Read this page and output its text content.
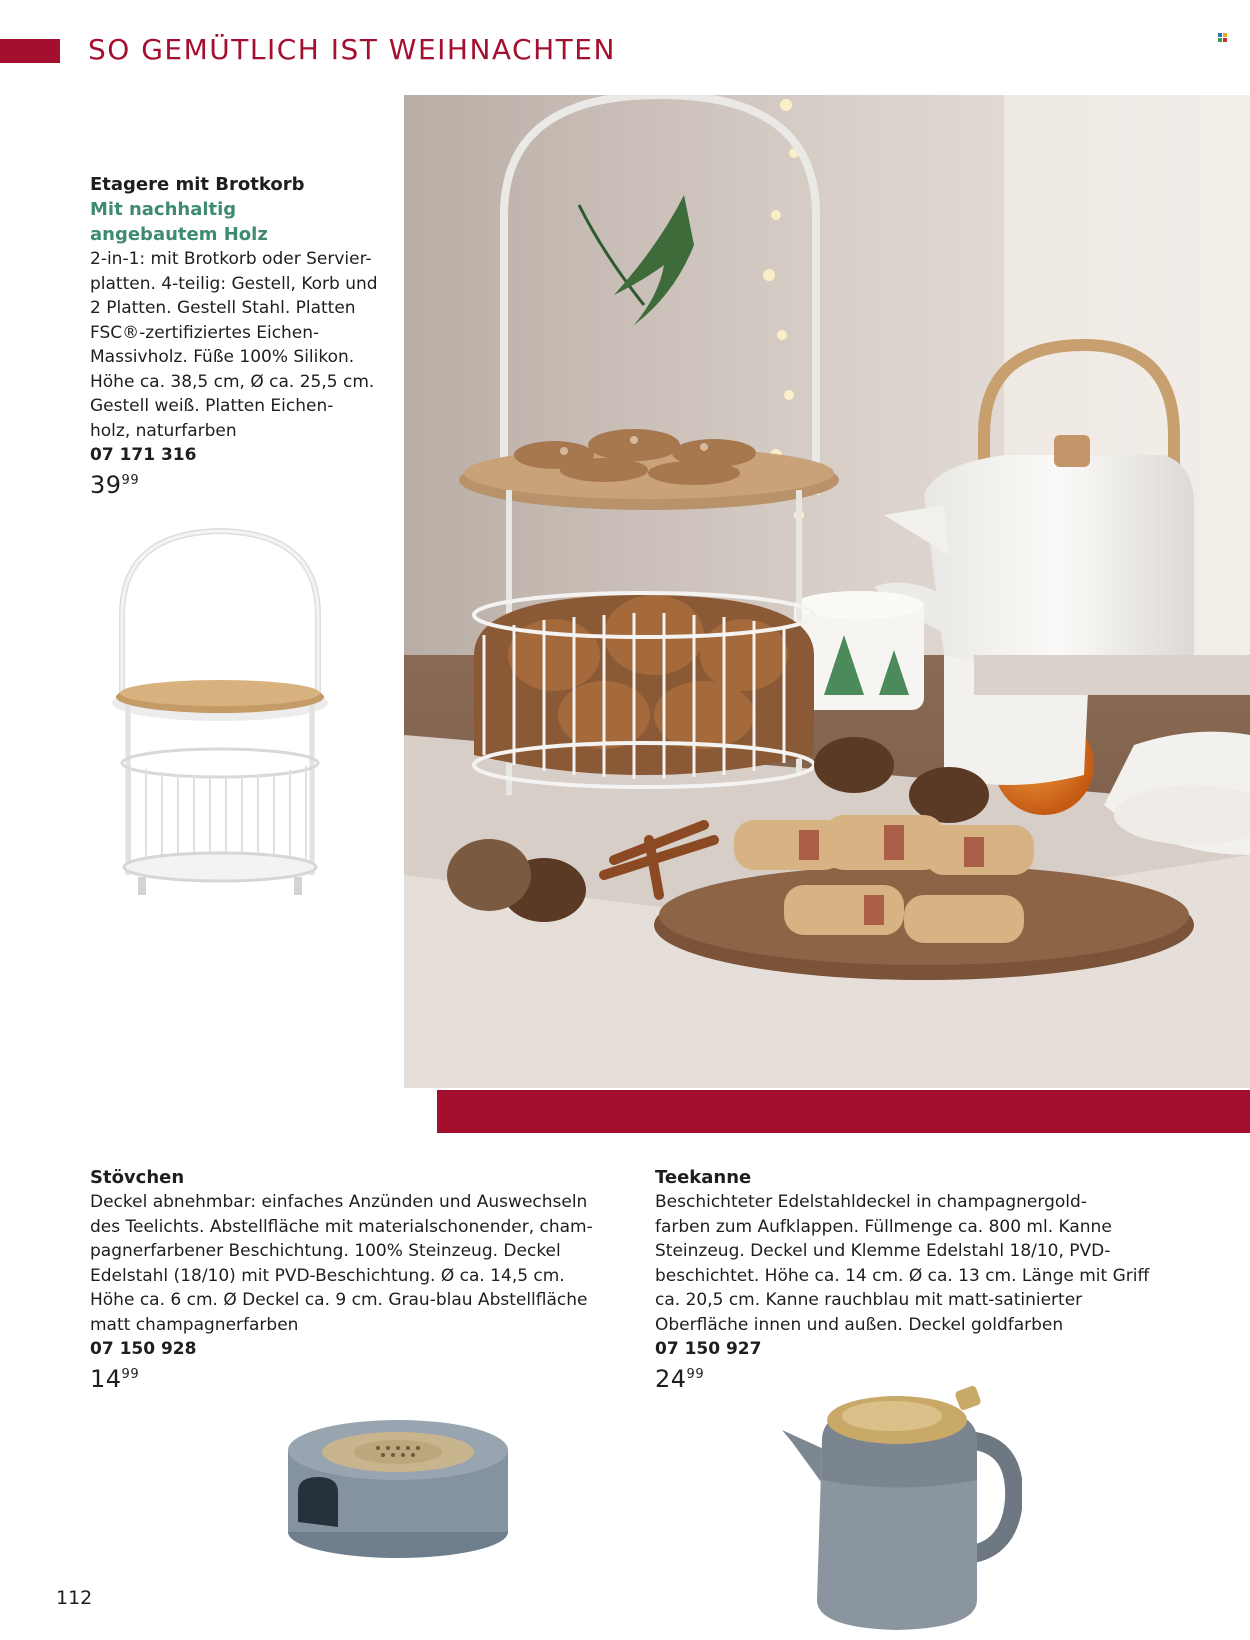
SO GEMÜTLICH IST WEIHNACHTEN
Etagere mit Brotkorb
Mit nachhaltig
angebautem Holz
2-in-1: mit Brotkorb oder Servier-
platten. 4-teilig: Gestell, Korb und
2 Platten. Gestell Stahl. Platten
FSC®-zertifiziertes Eichen-
Massivholz. Füße 100% Silikon.
Höhe ca. 38,5 cm, Ø ca. 25,5 cm.
Gestell weiß. Platten Eichen-
holz, naturfarben
07 171 316
$39^{99}$
Stövchen
Deckel abnehmbar: einfaches Anzünden und Auswechseln
des Teelichts. Abstellfläche mit materialschonender, cham-
pagnerfarbener Beschichtung. 100% Steinzeug. Deckel
Edelstahl (18/10) mit PVD-Beschichtung. Ø ca. 14,5 cm.
Höhe ca. 6 cm. Ø Deckel ca. 9 cm. Grau-blau Abstellfläche
matt champagnerfarben
07 150 928
$14^{99}$
Teekanne
Beschichteter Edelstahldeckel in champagnergold-
farben zum Aufklappen. Füllmenge ca. 800 ml. Kanne
Steinzeug. Deckel und Klemme Edelstahl 18/10, PVD-
beschichtet. Höhe ca. 14 cm. Ø ca. 13 cm. Länge mit Griff
ca. 20,5 cm. Kanne rauchblau mit matt-satinierter
Oberfläche innen und außen. Deckel goldfarben
07 150 927
$24^{99}$
112
